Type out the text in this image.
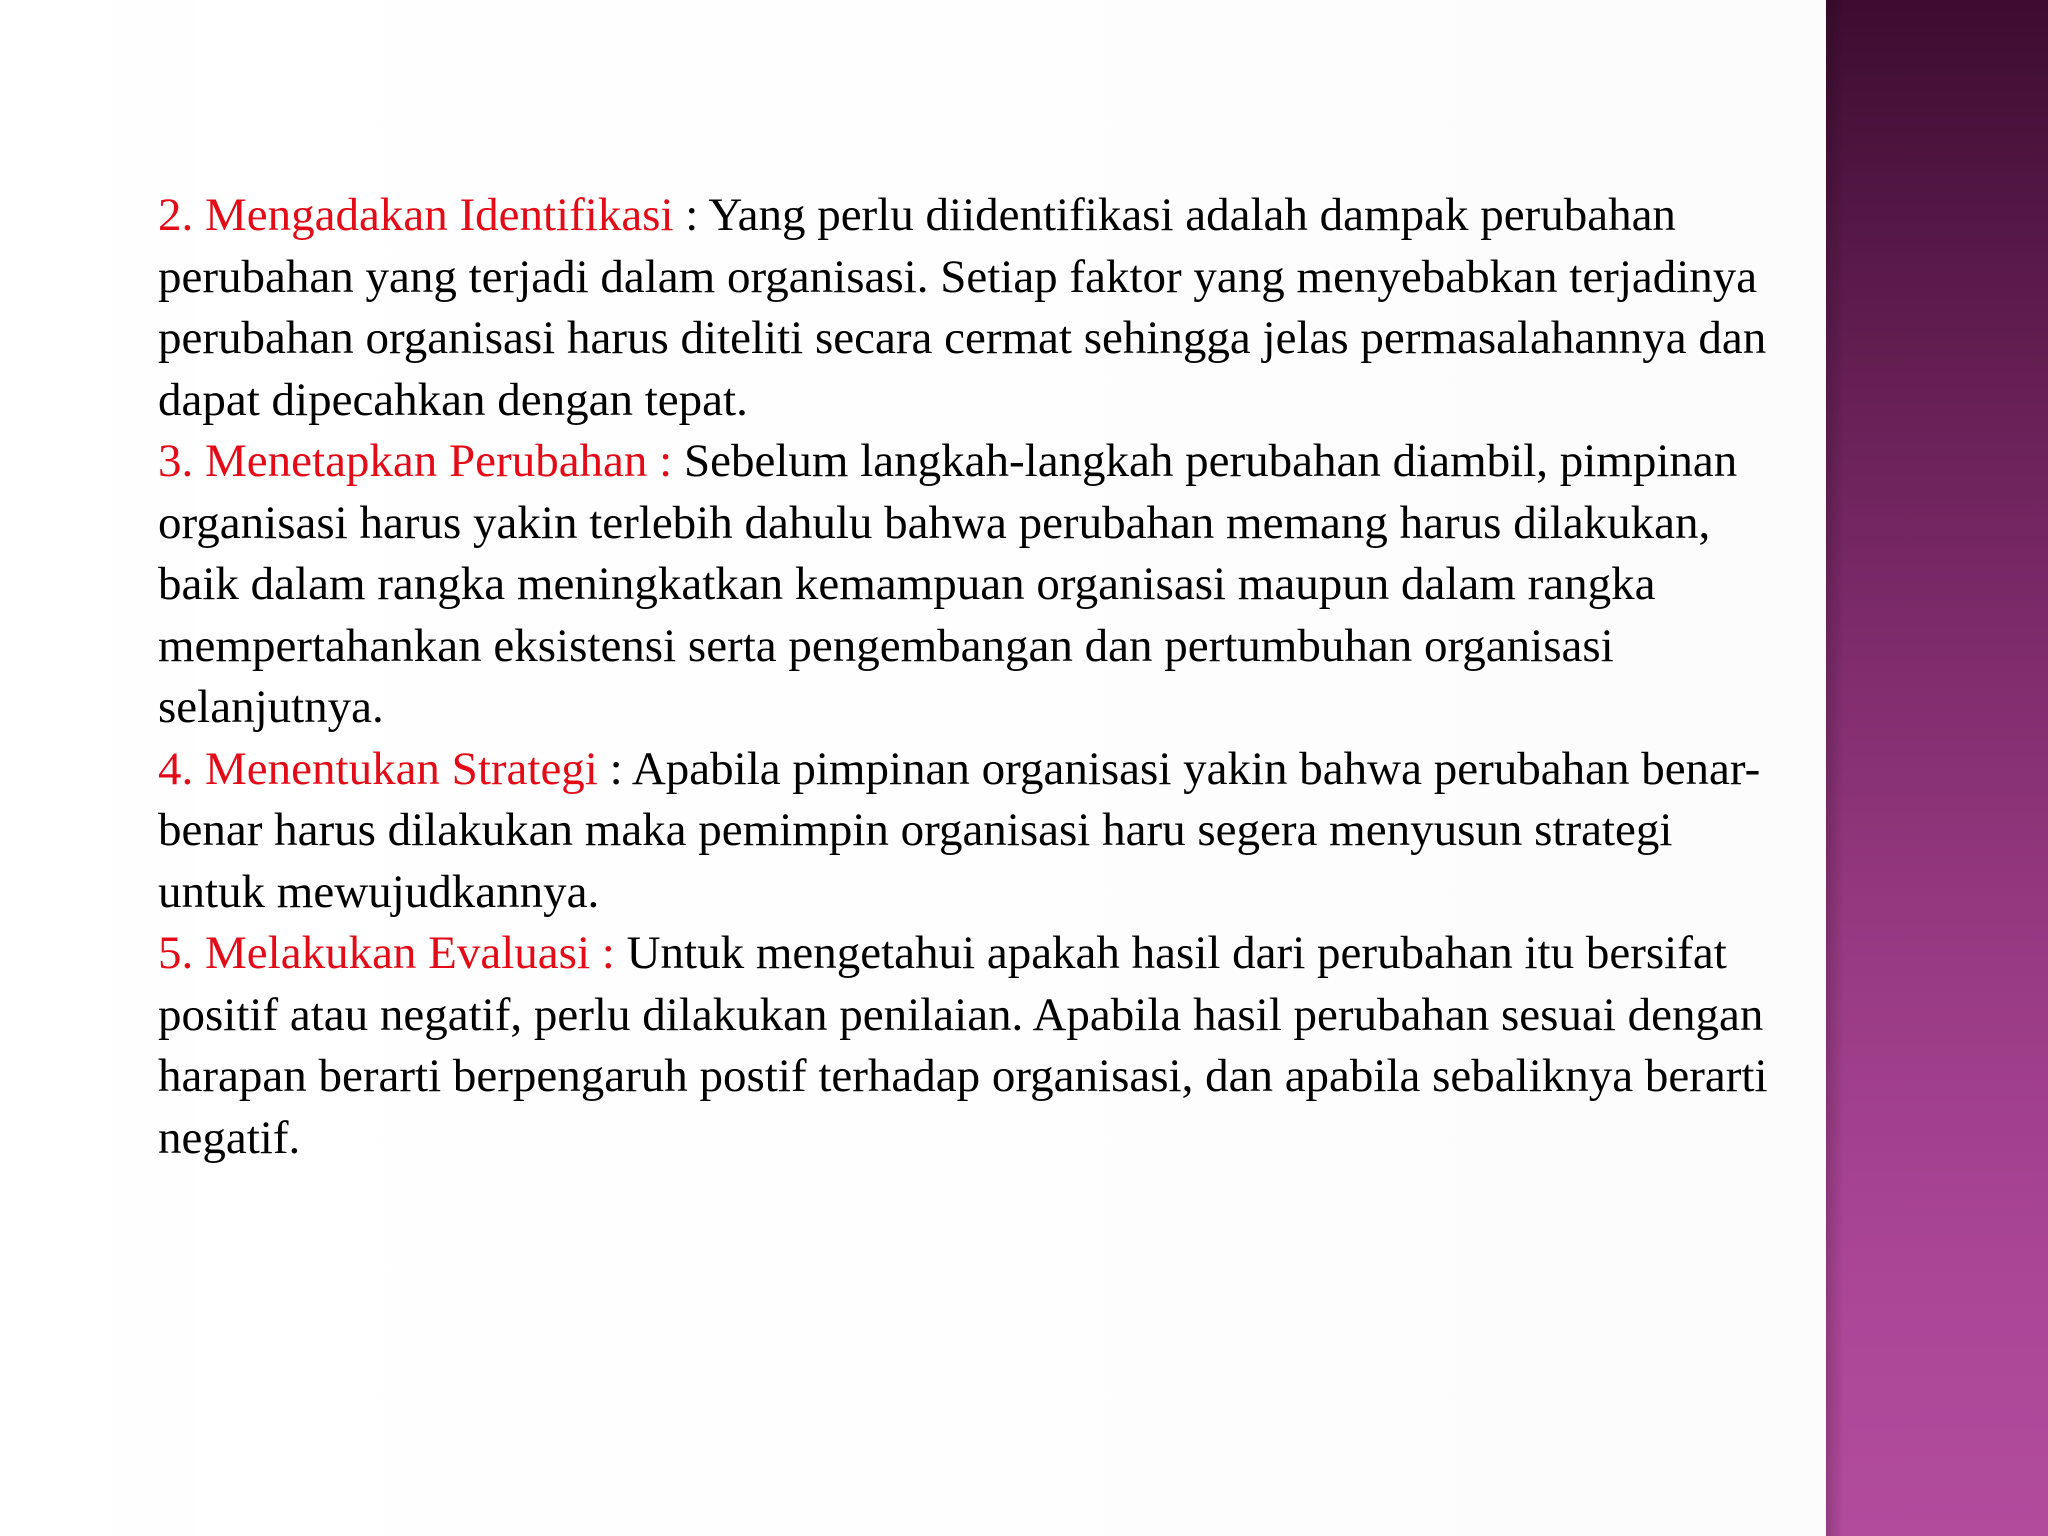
2. Mengadakan Identifikasi : Yang perlu diidentifikasi adalah dampak perubahan perubahan yang terjadi dalam organisasi. Setiap faktor yang menyebabkan terjadinya perubahan organisasi harus diteliti secara cermat sehingga jelas permasalahannya dan dapat dipecahkan dengan tepat.

3. Menetapkan Perubahan : Sebelum langkah-langkah perubahan diambil, pimpinan organisasi harus yakin terlebih dahulu bahwa perubahan memang harus dilakukan, baik dalam rangka meningkatkan kemampuan organisasi maupun dalam rangka mempertahankan eksistensi serta pengembangan dan pertumbuhan organisasi selanjutnya.

4. Menentukan Strategi : Apabila pimpinan organisasi yakin bahwa perubahan benar-benar harus dilakukan maka pemimpin organisasi haru segera menyusun strategi untuk mewujudkannya.

5. Melakukan Evaluasi : Untuk mengetahui apakah hasil dari perubahan itu bersifat positif atau negatif, perlu dilakukan penilaian. Apabila hasil perubahan sesuai dengan harapan berarti berpengaruh postif terhadap organisasi, dan apabila sebaliknya berarti negatif.
